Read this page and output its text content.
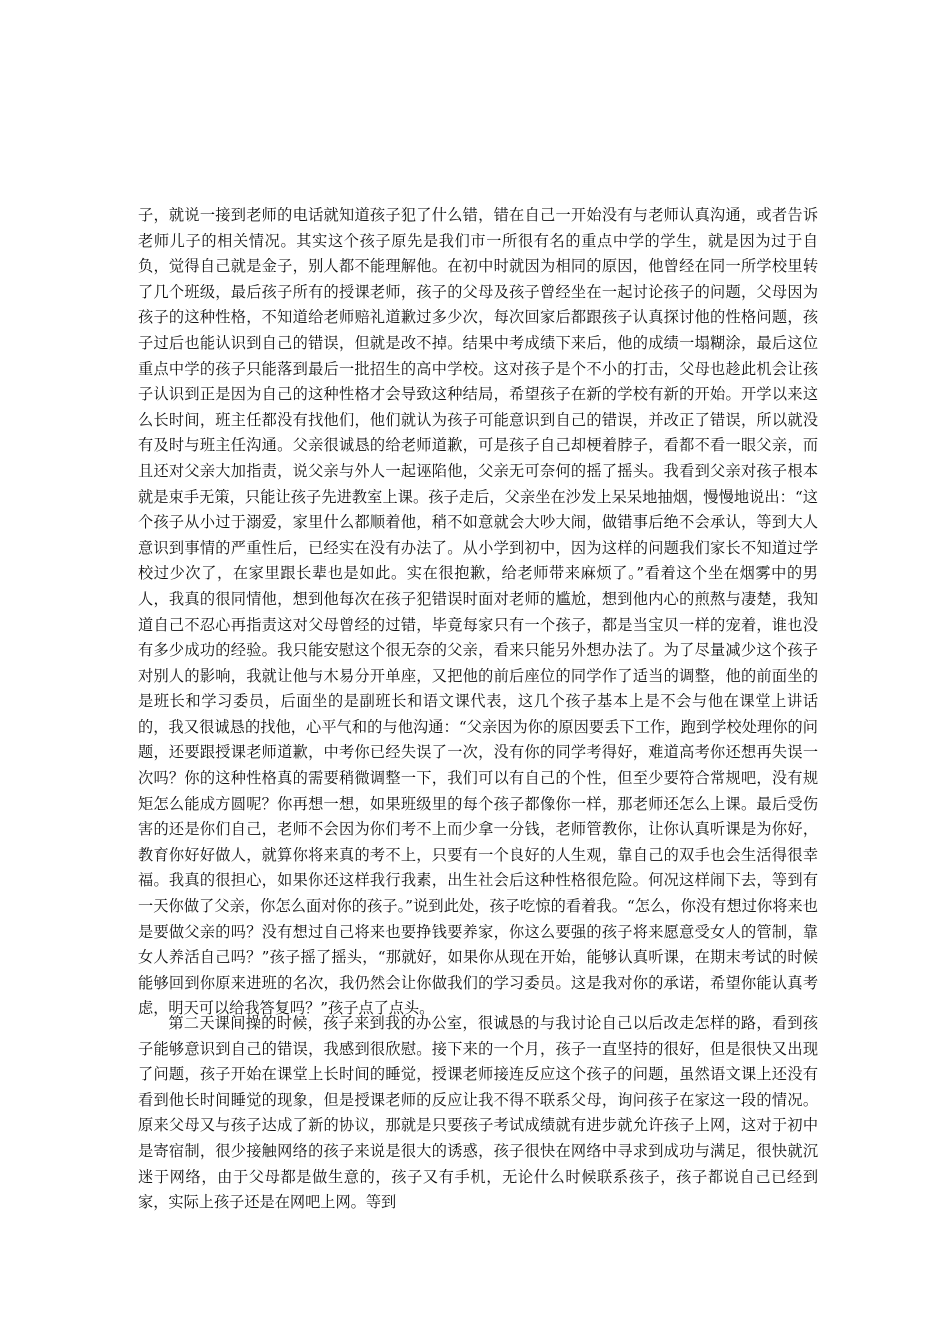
子，就说一接到老师的电话就知道孩子犯了什么错，错在自己一开始没有与老师认真沟通，或者告诉老师儿子的相关情况。其实这个孩子原先是我们市一所很有名的重点中学的学生，就是因为过于自负，觉得自己就是金子，别人都不能理解他。在初中时就因为相同的原因，他曾经在同一所学校里转了几个班级，最后孩子所有的授课老师，孩子的父母及孩子曾经坐在一起讨论孩子的问题，父母因为孩子的这种性格，不知道给老师赔礼道歉过多少次，每次回家后都跟孩子认真探讨他的性格问题，孩子过后也能认识到自己的错误，但就是改不掉。结果中考成绩下来后，他的成绩一塌糊涂，最后这位重点中学的孩子只能落到最后一批招生的高中学校。这对孩子是个不小的打击，父母也趁此机会让孩子认识到正是因为自己的这种性格才会导致这种结局，希望孩子在新的学校有新的开始。开学以来这么长时间，班主任都没有找他们，他们就认为孩子可能意识到自己的错误，并改正了错误，所以就没有及时与班主任沟通。父亲很诚恳的给老师道歉，可是孩子自己却梗着脖子，看都不看一眼父亲，而且还对父亲大加指责，说父亲与外人一起诬陷他，父亲无可奈何的摇了摇头。我看到父亲对孩子根本就是束手无策，只能让孩子先进教室上课。孩子走后，父亲坐在沙发上呆呆地抽烟，慢慢地说出：“这个孩子从小过于溺爱，家里什么都顺着他，稍不如意就会大吵大闹，做错事后绝不会承认，等到大人意识到事情的严重性后，已经实在没有办法了。从小学到初中，因为这样的问题我们家长不知道过学校过少次了，在家里跟长辈也是如此。实在很抱歉，给老师带来麻烦了。”看着这个坐在烟雾中的男人，我真的很同情他，想到他每次在孩子犯错误时面对老师的尴尬，想到他内心的煎熬与凄楚，我知道自己不忍心再指责这对父母曾经的过错，毕竟每家只有一个孩子，都是当宝贝一样的宠着，谁也没有多少成功的经验。我只能安慰这个很无奈的父亲，看来只能另外想办法了。为了尽量减少这个孩子对别人的影响，我就让他与木易分开单座，又把他的前后座位的同学作了适当的调整，他的前面坐的是班长和学习委员，后面坐的是副班长和语文课代表，这几个孩子基本上是不会与他在课堂上讲话的，我又很诚恳的找他，心平气和的与他沟通：“父亲因为你的原因要丢下工作，跑到学校处理你的问题，还要跟授课老师道歉，中考你已经失误了一次，没有你的同学考得好，难道高考你还想再失误一次吗？你的这种性格真的需要稍微调整一下，我们可以有自己的个性，但至少要符合常规吧，没有规矩怎么能成方圆呢？你再想一想，如果班级里的每个孩子都像你一样，那老师还怎么上课。最后受伤害的还是你们自己，老师不会因为你们考不上而少拿一分钱，老师管教你，让你认真听课是为你好，教育你好好做人，就算你将来真的考不上，只要有一个良好的人生观，靠自己的双手也会生活得很幸福。我真的很担心，如果你还这样我行我素，出生社会后这种性格很危险。何况这样闹下去，等到有一天你做了父亲，你怎么面对你的孩子。”说到此处，孩子吃惊的看着我。“怎么，你没有想过你将来也是要做父亲的吗？没有想过自己将来也要挣钱要养家，你这么要强的孩子将来愿意受女人的管制，靠女人养活自己吗？”孩子摇了摇头，“那就好，如果你从现在开始，能够认真听课，在期末考试的时候能够回到你原来进班的名次，我仍然会让你做我们的学习委员。这是我对你的承诺，希望你能认真考虑，明天可以给我答复吗？”孩子点了点头。

第二天课间操的时候，孩子来到我的办公室，很诚恳的与我讨论自己以后改走怎样的路，看到孩子能够意识到自己的错误，我感到很欣慰。接下来的一个月，孩子一直坚持的很好，但是很快又出现了问题，孩子开始在课堂上长时间的睡觉，授课老师接连反应这个孩子的问题，虽然语文课上还没有看到他长时间睡觉的现象，但是授课老师的反应让我不得不联系父母，询问孩子在家这一段的情况。原来父母又与孩子达成了新的协议，那就是只要孩子考试成绩就有进步就允许孩子上网，这对于初中是寄宿制，很少接触网络的孩子来说是很大的诱惑，孩子很快在网络中寻求到成功与满足，很快就沉迷于网络，由于父母都是做生意的，孩子又有手机，无论什么时候联系孩子，孩子都说自己已经到家，实际上孩子还是在网吧上网。等到
